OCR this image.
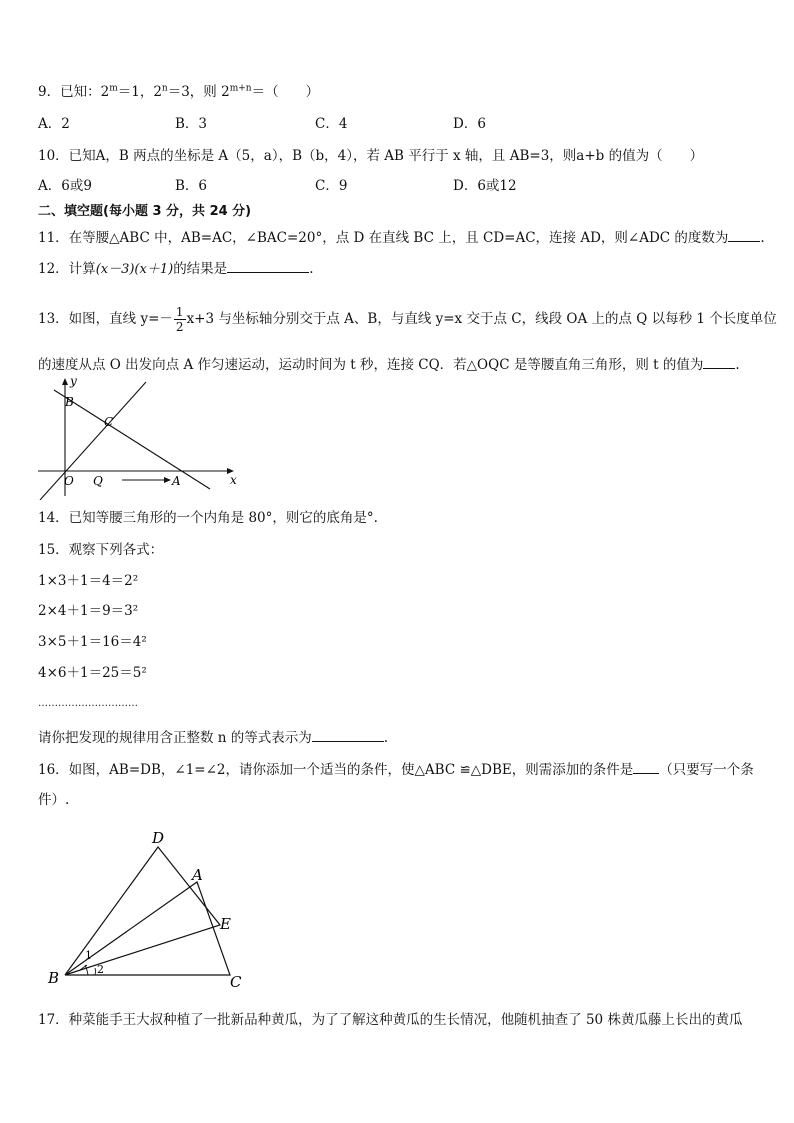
9．已知：$2^m=1$，$2^n=3$，则 $2^{m+n}=$（　　）
A．2	B．3	C．4	D．6
10．已知A，B 两点的坐标是 A（5，a），B（b，4），若 AB 平行于 x 轴，且 AB=3，则a+b 的值为（　　）
A．6或9	B．6	C．9	D．6或12
二、填空题(每小题 3 分，共 24 分)
11．在等腰△ABC 中，AB=AC，∠BAC=20°，点 D 在直线 BC 上，且 CD=AC，连接 AD，则∠ADC 的度数为 .
12．计算(x－3)(x＋1)的结果是	.
13．如图，直线 $y=- \frac{1}{2} x+3$ 与坐标轴分别交于点 A、B，与直线 y=x 交于点 C，线段 OA 上的点 Q 以每秒 1 个长度单位
的速度从点 O 出发向点 A 作匀速运动，运动时间为 t 秒，连接 CQ．若△OQC 是等腰直角三角形，则 t 的值为 .
y
x
B
C
O Q	A
14．已知等腰三角形的一个内角是 80°，则它的底角是°.
15．观察下列各式：
1×3＋1＝4＝2²
2×4＋1＝9＝3²
3×5＋1＝16＝4²
4×6＋1＝25＝5²
…………………………
请你把发现的规律用含正整数 n 的等式表示为	.
16．如图，AB=DB，∠1=∠2，请你添加一个适当的条件，使△ABC ≌△DBE，则需添加的条件是 （只要写一个条
件）.
D
A
E
B	C
1
2
17．种菜能手王大叔种植了一批新品种黄瓜，为了了解这种黄瓜的生长情况，他随机抽查了 50 株黄瓜藤上长出的黄瓜
